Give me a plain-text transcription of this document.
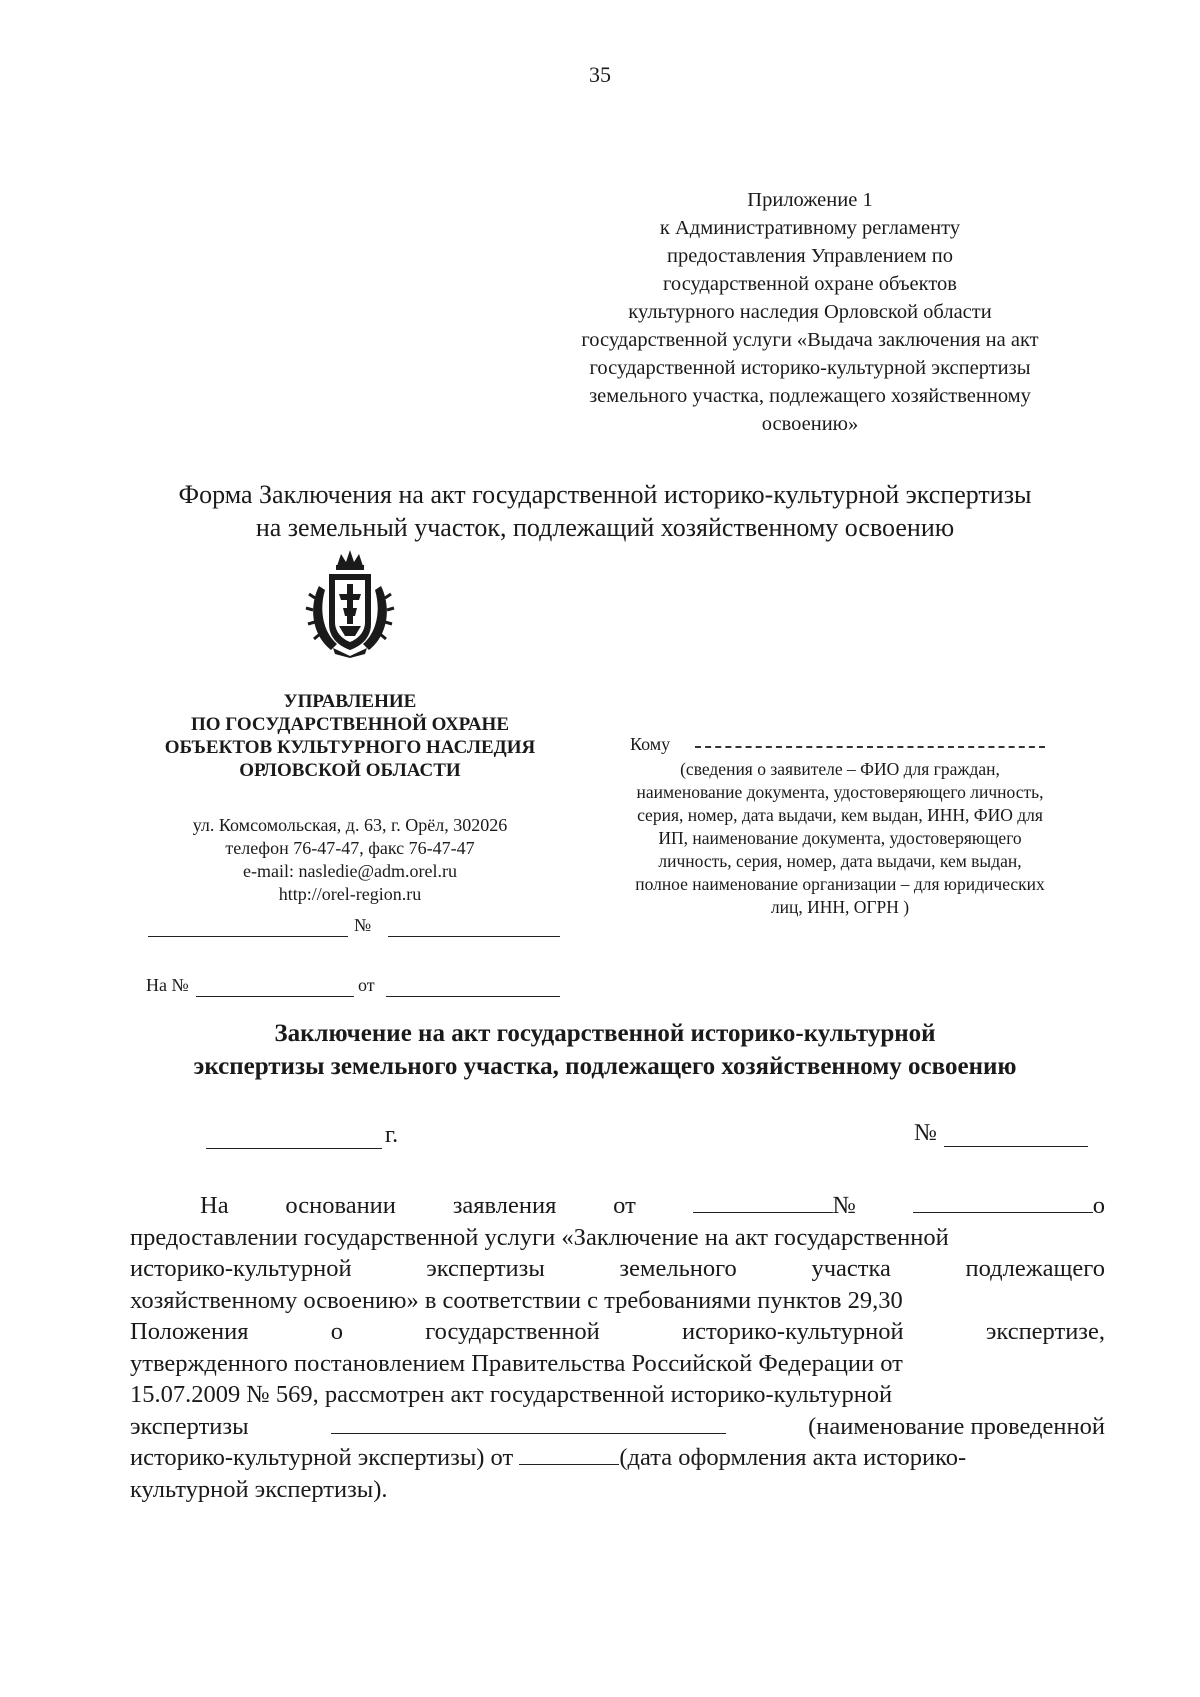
35
Приложение 1
к Административному регламенту
предоставления Управлением по
государственной охране объектов
культурного наследия Орловской области
государственной услуги «Выдача заключения на акт
государственной историко-культурной экспертизы
земельного участка, подлежащего хозяйственному
освоению»
Форма Заключения на акт государственной историко-культурной экспертизы
на земельный участок, подлежащий хозяйственному освоению
УПРАВЛЕНИЕ
ПО ГОСУДАРСТВЕННОЙ ОХРАНЕ
ОБЪЕКТОВ КУЛЬТУРНОГО НАСЛЕДИЯ
ОРЛОВСКОЙ ОБЛАСТИ
ул. Комсомольская, д. 63, г. Орёл, 302026
телефон 76-47-47, факс 76-47-47
e-mail: nasledie@adm.orel.ru
http://orel-region.ru
Кому
(сведения о заявителе – ФИО для граждан,
наименование документа, удостоверяющего личность,
серия, номер, дата выдачи, кем выдан, ИНН, ФИО для
ИП, наименование документа, удостоверяющего
личность, серия, номер, дата выдачи, кем выдан,
полное наименование организации – для юридических
лиц, ИНН, ОГРН )
№
На №	от
Заключение на акт государственной историко-культурной
экспертизы земельного участка, подлежащего хозяйственному освоению
г.	№
На основании заявления от	№	о
предоставлении государственной услуги «Заключение на акт государственной
историко-культурной	экспертизы	земельного	участка	подлежащего
хозяйственному освоению» в соответствии с требованиями пунктов 29,30
Положения	о	государственной	историко-культурной	экспертизе,
утвержденного постановлением Правительства Российской Федерации от
15.07.2009 № 569, рассмотрен акт государственной историко-культурной
экспертизы	(наименование проведенной
историко-культурной экспертизы) от	(дата оформления акта историко-
культурной экспертизы).
